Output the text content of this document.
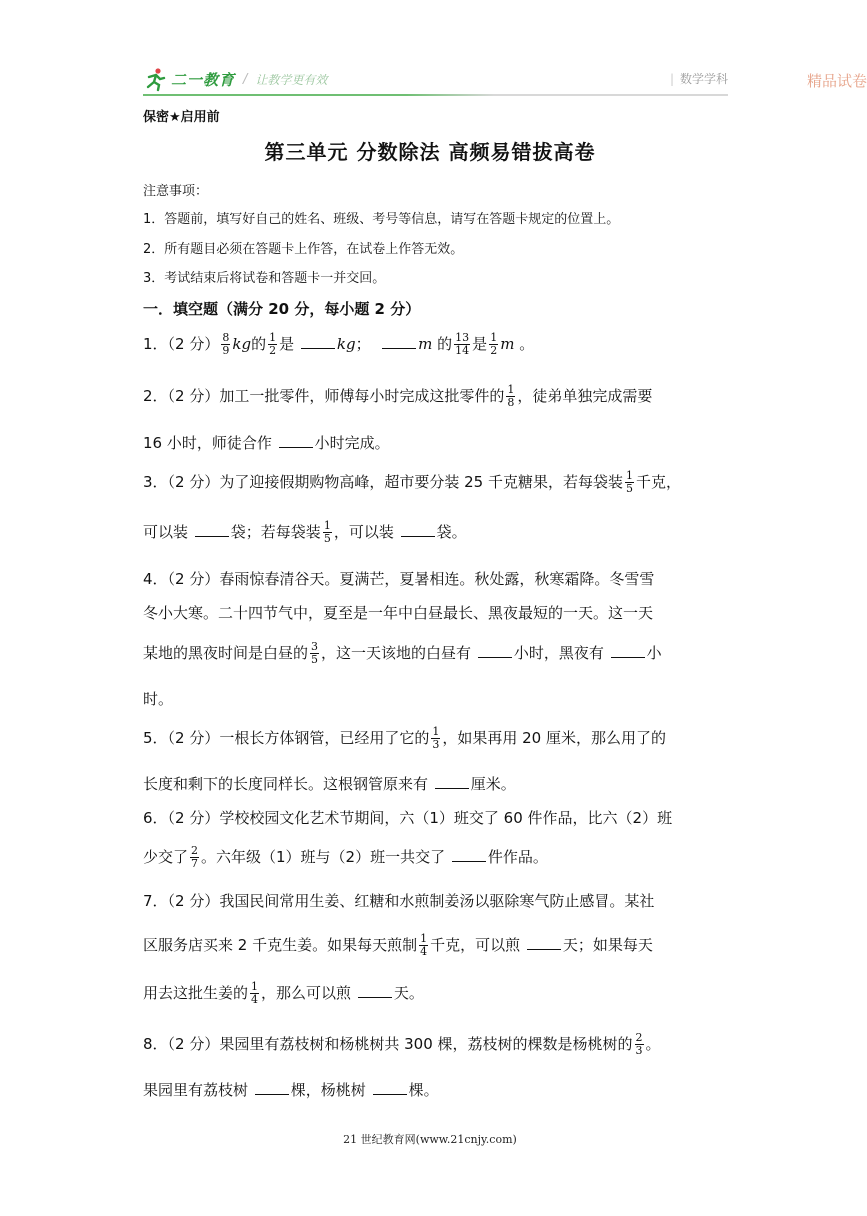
二一教育 / 让教学更有效	精品试卷
| 数学学科
保密★启用前
第三单元 分数除法 高频易错拔高卷
注意事项：
1．答题前，填写好自己的姓名、班级、考号等信息，请写在答题卡规定的位置上。
2．所有题目必须在答题卡上作答，在试卷上作答无效。
3．考试结束后将试卷和答题卡一并交回。
一．填空题（满分 20 分，每小题 2 分）
1．（2 分） $\frac{8}{9}$ kg的 $\frac{1}{2}$ 是	kg；	m 的 $\frac{13}{14}$ 是 $\frac{1}{2}$ m 。
2．（2 分）加工一批零件，师傅每小时完成这批零件的 $\frac{1}{8}$ ，徒弟单独完成需要
16 小时，师徒合作	小时完成。
3．（2 分）为了迎接假期购物高峰，超市要分装 25 千克糖果，若每袋装 $\frac{1}{5}$ 千克，
可以装	袋；若每袋装 $\frac{1}{5}$ ，可以装	袋。
4．（2 分）春雨惊春清谷天。夏满芒，夏暑相连。秋处露，秋寒霜降。冬雪雪
冬小大寒。二十四节气中，夏至是一年中白昼最长、黑夜最短的一天。这一天
某地的黑夜时间是白昼的 $\frac{3}{5}$ ，这一天该地的白昼有	小时，黑夜有	小
时。
5．（2 分）一根长方体钢管，已经用了它的 $\frac{1}{3}$ ，如果再用 20 厘米，那么用了的
长度和剩下的长度同样长。这根钢管原来有	厘米。
6．（2 分）学校校园文化艺术节期间，六（1）班交了 60 件作品，比六（2）班
少交了 $\frac{2}{7}$ 。六年级（1）班与（2）班一共交了	件作品。
7．（2 分）我国民间常用生姜、红糖和水煎制姜汤以驱除寒气防止感冒。某社
区服务店买来 2 千克生姜。如果每天煎制 $\frac{1}{4}$ 千克，可以煎	天；如果每天
用去这批生姜的 $\frac{1}{4}$ ，那么可以煎	天。
8．（2 分）果园里有荔枝树和杨桃树共 300 棵，荔枝树的棵数是杨桃树的 $\frac{2}{3}$ 。
果园里有荔枝树	棵，杨桃树	棵。
21 世纪教育网(www.21cnjy.com)
